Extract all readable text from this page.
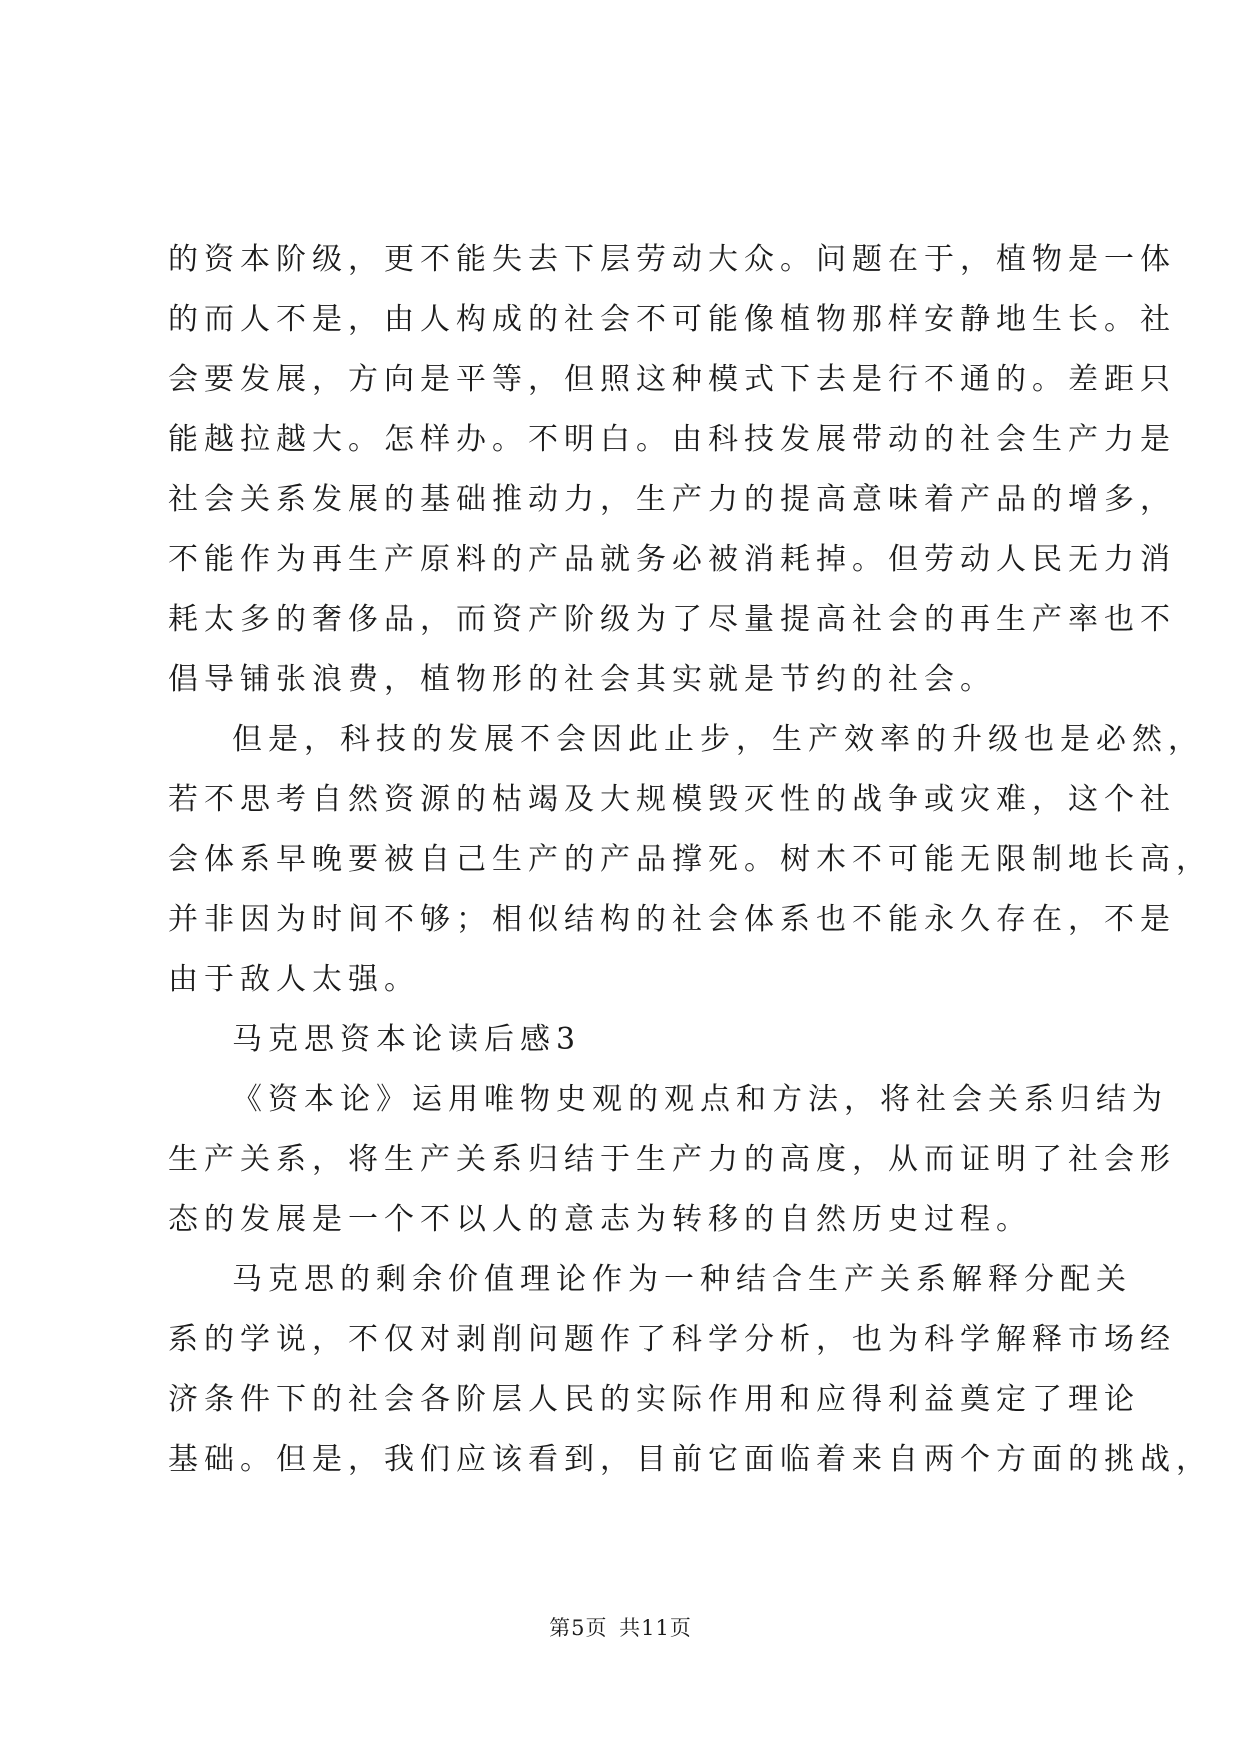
的资本阶级，更不能失去下层劳动大众。问题在于，植物是一体
的而人不是，由人构成的社会不可能像植物那样安静地生长。社
会要发展，方向是平等，但照这种模式下去是行不通的。差距只
能越拉越大。怎样办。不明白。由科技发展带动的社会生产力是
社会关系发展的基础推动力，生产力的提高意味着产品的增多，
不能作为再生产原料的产品就务必被消耗掉。但劳动人民无力消
耗太多的奢侈品，而资产阶级为了尽量提高社会的再生产率也不
倡导铺张浪费，植物形的社会其实就是节约的社会。
但是，科技的发展不会因此止步，生产效率的升级也是必然，
若不思考自然资源的枯竭及大规模毁灭性的战争或灾难，这个社
会体系早晚要被自己生产的产品撑死。树木不可能无限制地长高，
并非因为时间不够；相似结构的社会体系也不能永久存在，不是
由于敌人太强。
马克思资本论读后感3
《资本论》运用唯物史观的观点和方法，将社会关系归结为
生产关系，将生产关系归结于生产力的高度，从而证明了社会形
态的发展是一个不以人的意志为转移的自然历史过程。
马克思的剩余价值理论作为一种结合生产关系解释分配关
系的学说，不仅对剥削问题作了科学分析，也为科学解释市场经
济条件下的社会各阶层人民的实际作用和应得利益奠定了理论
基础。但是，我们应该看到，目前它面临着来自两个方面的挑战，
第5页 共11页
